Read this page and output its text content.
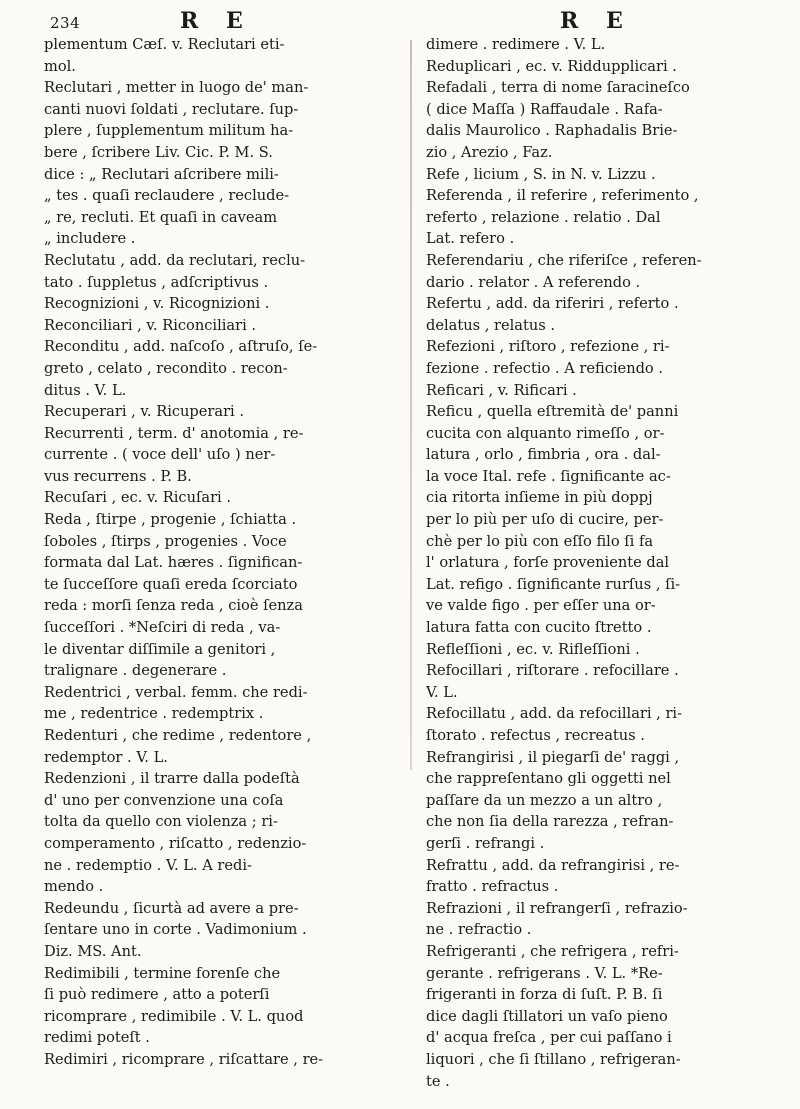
234	R E	R E
plementum Cæſ. v. Reclutari eti-
mol.
Reclutari , metter in luogo de' man-
canti nuovi ſoldati , reclutare. ſup-
plere , ſupplementum militum ha-
bere , ſcribere Liv. Cic. P. M. S.
dice : „ Reclutari aſcribere mili-
„ tes . quaſi reclaudere , reclude-
„ re, recluti. Et quaſi in caveam
„ includere .
Reclutatu , add. da reclutari, reclu-
tato . ſuppletus , adſcriptivus .
Recognizioni , v. Ricognizioni .
Reconciliari , v. Riconciliari .
Reconditu , add. naſcoſo , aſtruſo, ſe-
greto , celato , recondito . recon-
ditus . V. L.
Recuperari , v. Ricuperari .
Recurrenti , term. d' anotomia , re-
currente . ( voce dell' uſo ) ner-
vus recurrens . P. B.
Recuſari , ec. v. Ricuſari .
Reda , ſtirpe , progenie , ſchiatta .
ſoboles , ſtirps , progenies . Voce
formata dal Lat. hæres . ſignifican-
te ſucceſſore quaſi ereda ſcorciato
reda : morſi ſenza reda , cioè ſenza
ſucceſſori . *Neſciri di reda , va-
le diventar diſſimile a genitori ,
tralignare . degenerare .
Redentrici , verbal. femm. che redi-
me , redentrice . redemptrix .
Redenturi , che redime , redentore ,
redemptor . V. L.
Redenzioni , il trarre dalla podeſtà
d' uno per convenzione una coſa
tolta da quello con violenza ; ri-
comperamento , riſcatto , redenzio-
ne . redemptio . V. L. A redi-
mendo .
Redeundu , ſicurtà ad avere a pre-
ſentare uno in corte . Vadimonium .
Diz. MS. Ant.
Redimibili , termine forenſe che
ſi può redimere , atto a poterſi
ricomprare , redimibile . V. L. quod
redimi poteſt .
Redimiri , ricomprare , riſcattare , re-
dimere . redimere . V. L.
Reduplicari , ec. v. Riddupplicari .
Refadali , terra di nome ſaracineſco
( dice Maſſa ) Raffaudale . Rafa-
dalis Maurolico . Raphadalis Brie-
zio , Arezio , Faz.
Refe , licium , S. in N. v. Lizzu .
Referenda , il referire , referimento ,
referto , relazione . relatio . Dal
Lat. refero .
Referendariu , che riferiſce , referen-
dario . relator . A referendo .
Refertu , add. da riferiri , referto .
delatus , relatus .
Refezioni , riſtoro , refezione , ri-
fezione . refectio . A reficiendo .
Reficari , v. Rificari .
Reficu , quella eſtremità de' panni
cucita con alquanto rimeſſo , or-
latura , orlo , fimbria , ora . dal-
la voce Ital. refe . ſignificante ac-
cia ritorta inſieme in più doppj
per lo più per uſo di cucire, per-
chè per lo più con eſſo filo ſi fa
l' orlatura , forſe proveniente dal
Lat. refigo . ſignificante rurſus , ſi-
ve valde figo . per eſſer una or-
latura fatta con cucito ſtretto .
Refleſſioni , ec. v. Rifleſſioni .
Refocillari , riſtorare . refocillare .
V. L.
Refocillatu , add. da refocillari , ri-
ſtorato . refectus , recreatus .
Refrangirisi , il piegarſi de' raggi ,
che rappreſentano gli oggetti nel
paſſare da un mezzo a un altro ,
che non ſia della rarezza , refran-
gerſi . refrangi .
Refrattu , add. da refrangirisi , re-
fratto . refractus .
Refrazioni , il refrangerſi , refrazio-
ne . refractio .
Refrigeranti , che refrigera , refri-
gerante . refrigerans . V. L. *Re-
frigeranti in forza di ſuſt. P. B. ſi
dice dagli ſtillatori un vaſo pieno
d' acqua freſca , per cui paſſano i
liquori , che ſi ſtillano , refrigeran-
te .
